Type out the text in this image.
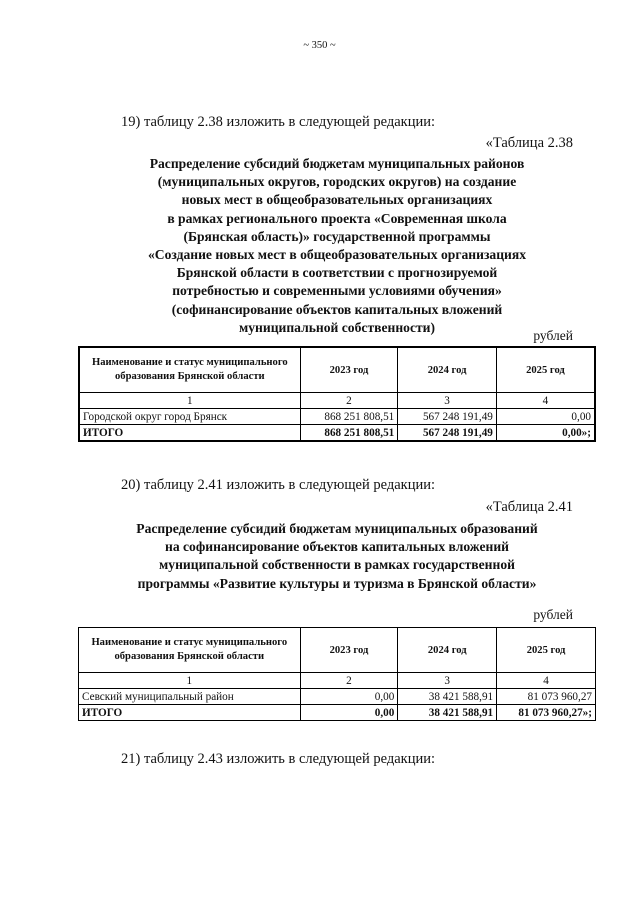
~ 350 ~
19) таблицу 2.38 изложить в следующей редакции:
«Таблица 2.38
Распределение субсидий бюджетам муниципальных районов
(муниципальных округов, городских округов) на создание
новых мест в общеобразовательных организациях
в рамках регионального проекта «Современная школа
(Брянская область)» государственной программы
«Создание новых мест в общеобразовательных организациях
Брянской области в соответствии с прогнозируемой
потребностью и современными условиями обучения»
(софинансирование объектов капитальных вложений
муниципальной собственности)
рублей
Наименование и статус муниципального образования Брянской области	2023 год	2024 год	2025 год
1	2	3	4
Городской округ город Брянск	868 251 808,51	567 248 191,49	0,00
ИТОГО	868 251 808,51	567 248 191,49	0,00»;
20) таблицу 2.41 изложить в следующей редакции:
«Таблица 2.41
Распределение субсидий бюджетам муниципальных образований
на софинансирование объектов капитальных вложений
муниципальной собственности в рамках государственной
программы «Развитие культуры и туризма в Брянской области»
рублей
Наименование и статус муниципального образования Брянской области	2023 год	2024 год	2025 год
1	2	3	4
Севский муниципальный район	0,00	38 421 588,91	81 073 960,27
ИТОГО	0,00	38 421 588,91	81 073 960,27»;
21) таблицу 2.43 изложить в следующей редакции:
